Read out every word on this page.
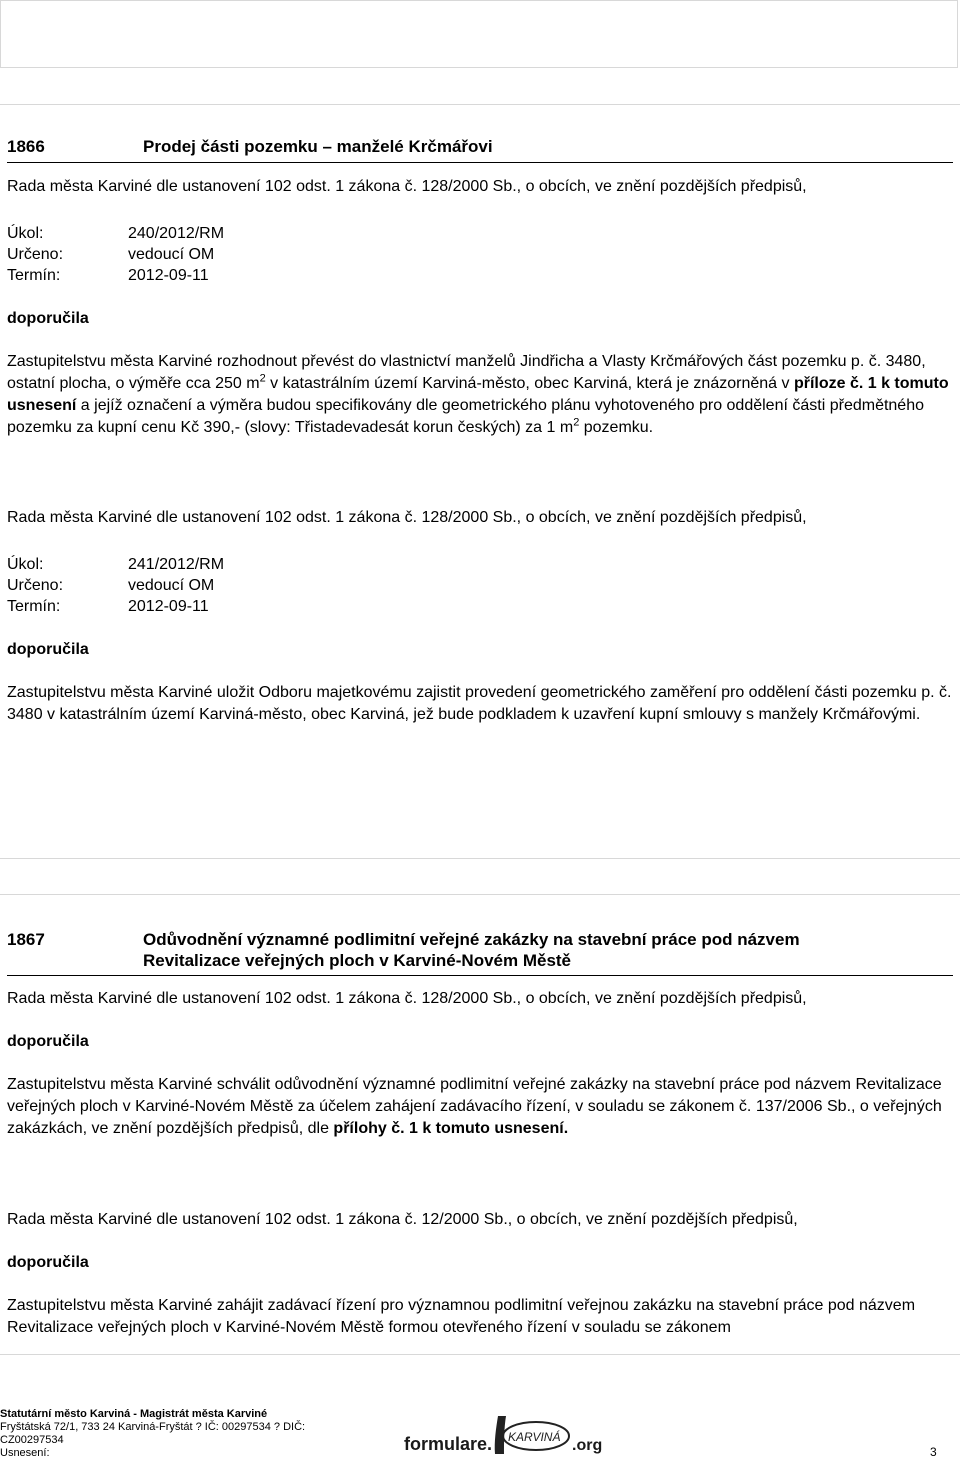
1866	Prodej části pozemku – manželé Krčmářovi
Rada města Karviné dle ustanovení 102 odst. 1 zákona č. 128/2000 Sb., o obcích, ve znění pozdějších předpisů,
Úkol:	240/2012/RM
Určeno:	vedoucí OM
Termín:	2012-09-11
doporučila
Zastupitelstvu města Karviné rozhodnout převést do vlastnictví manželů Jindřicha a Vlasty Krčmářových část pozemku p. č. 3480, ostatní plocha, o výměře cca 250 $m^2$ v katastrálním území Karviná-město, obec Karviná, která je znázorněná v příloze č. 1 k tomuto usnesení a jejíž označení a výměra budou specifikovány dle geometrického plánu vyhotoveného pro oddělení části předmětného pozemku za kupní cenu Kč 390,- (slovy: Třistadevadesát korun českých) za 1 $m^2$ pozemku.
Rada města Karviné dle ustanovení 102 odst. 1 zákona č. 128/2000 Sb., o obcích, ve znění pozdějších předpisů,
Úkol:	241/2012/RM
Určeno:	vedoucí OM
Termín:	2012-09-11
doporučila
Zastupitelstvu města Karviné uložit Odboru majetkovému zajistit provedení geometrického zaměření pro oddělení části pozemku p. č. 3480 v katastrálním území Karviná-město, obec Karviná, jež bude podkladem k uzavření kupní smlouvy s manžely Krčmářovými.
1867	Odůvodnění významné podlimitní veřejné zakázky na stavební práce pod názvem
Revitalizace veřejných ploch v Karviné-Novém Městě
Rada města Karviné dle ustanovení 102 odst. 1 zákona č. 128/2000 Sb., o obcích, ve znění pozdějších předpisů,
doporučila
Zastupitelstvu města Karviné schválit odůvodnění významné podlimitní veřejné zakázky na stavební práce pod názvem Revitalizace veřejných ploch v Karviné-Novém Městě za účelem zahájení zadávacího řízení, v souladu se zákonem č. 137/2006 Sb., o veřejných zakázkách, ve znění pozdějších předpisů, dle přílohy č. 1 k tomuto usnesení.
Rada města Karviné dle ustanovení 102 odst. 1 zákona č. 12/2000 Sb., o obcích, ve znění pozdějších předpisů,
doporučila
Zastupitelstvu města Karviné zahájit zadávací řízení pro významnou podlimitní veřejnou zakázku na stavební práce pod názvem Revitalizace veřejných ploch v Karviné-Novém Městě formou otevřeného řízení v souladu se zákonem
Statutární město Karviná - Magistrát města Karviné
Fryštátská 72/1, 733 24 Karviná-Fryštát ? IČ: 00297534 ? DIČ:
CZ00297534
Usnesení:	formulare. KARVINÁ .org	3
